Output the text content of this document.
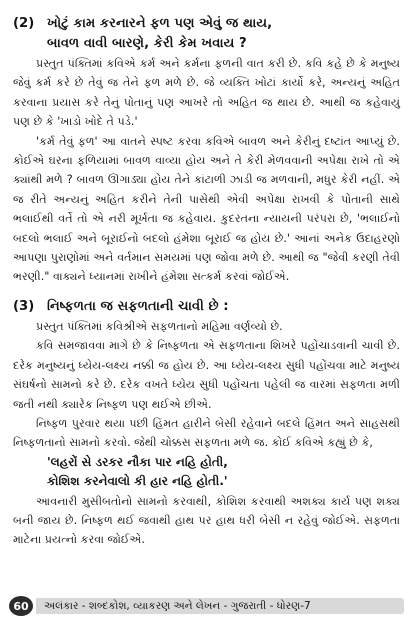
(2) ખોટું કામ કરનારને ફળ પણ એવું જ થાય,
બાવળ વાવી બારણે, કેરી કેમ ખવાય ?

પ્રસ્તુત પંક્તિમાં કવિએ કર્મ અને કર્મના ફળની વાત કરી છે. કવિ કહે છે કે મનુષ્ય જેવું કર્મ કરે છે તેવું જ તેને ફળ મળે છે. જે વ્યક્તિ ખોટાં કાર્યો કરે, અન્યનું અહિત કરવાના પ્રયાસ કરે તેનું પોતાનું પણ આખરે તો અહિત જ થાય છે. આથી જ કહેવાયું પણ છે કે 'ખાડો ખોદે તે પડે.'

'કર્મ તેવું ફળ' આ વાતને સ્પષ્ટ કરવા કવિએ બાવળ અને કેરીનું દષ્ટાંત આપ્યું છે. કોઈએ ઘરના ફળિયામાં બાવળ વાવ્યા હોય અને તે કેરી મેળવવાની અપેક્ષા રાખે તો એ ક્યાંથી મળે ? બાવળ ઊગાડ્યા હોય તેને કાંટાળી ઝાડી જ મળવાની, મધુર કેરી નહીં. એ જ રીતે અન્યનું અહિત કરીને તેની પાસેથી એવી અપેક્ષા રાખવી કે પોતાની સાથે ભલાઈથી વર્તે તો એ નરી મૂર્ખતા જ કહેવાય. કુદરતના ન્યાયની પરંપરા છે, 'ભલાઈનો બદલો ભલાઈ અને બૂરાઈનો બદલો હંમેશા બૂરાઈ જ હોય છે.' આનાં અનેક ઉદાહરણો આપણા પુરાણોમાં અને વર્તમાન સમયમાં પણ જોવા મળે છે. આથી જ "જેવી કરણી તેવી ભરણી." વાક્યને ધ્યાનમાં રાખીને હંમેશા સત્કર્મ કરવાં જોઈએ.

(3) નિષ્ફળતા જ સફળતાની ચાવી છે :

પ્રસ્તુત પંક્તિમાં કવિશ્રીએ સફળતાનો મહિમા વર્ણવ્યો છે.

કવિ સમજાવવા માગે છે કે નિષ્ફળતા એ સફળતાના શિખરે પહોંચાડવાની ચાવી છે. દરેક મનુષ્યનું ધ્યેય-લક્ષ્ય નક્કી જ હોય છે. આ ધ્યેય-લક્ષ્ય સુધી પહોંચવા માટે મનુષ્ય સંઘર્ષનો સામનો કરે છે. દરેક વખતે ધ્યેય સુધી પહોંચતા પહેલી જ વારમાં સફળતા મળી જતી નથી ક્યારેક નિષ્ફળ પણ થઈએ છીએ.

નિષ્ફળ પુરવાર થયા પછી હિંમત હારીને બેસી રહેવાને બદલે હિંમત અને સાહસથી નિષ્ફળતાનો સામનો કરવો. જેથી ચોક્કસ સફળતા મળે જ. કોઈ કવિએ કહ્યું છે કે,

'લહરોં સે ડરકર નૌકા પાર નહિ હોતી,
કોશિશ કરનેવાલો કી હાર નહિ હોતી.'

આવનારી મુસીબતોનો સામનો કરવાથી, કોશિશ કરવાથી અશક્ય કાર્ય પણ શક્ય બની જાય છે. નિષ્ફળ થઈ જવાથી હાથ પર હાથ ધરી બેસી ન રહેવું જોઈએ. સફળતા માટેના પ્રયત્નો કરવા જોઈએ.

60	અલંકાર - શબ્દકોશ, વ્યાકરણ અને લેખન - ગુજરાતી - ધોરણ-7
